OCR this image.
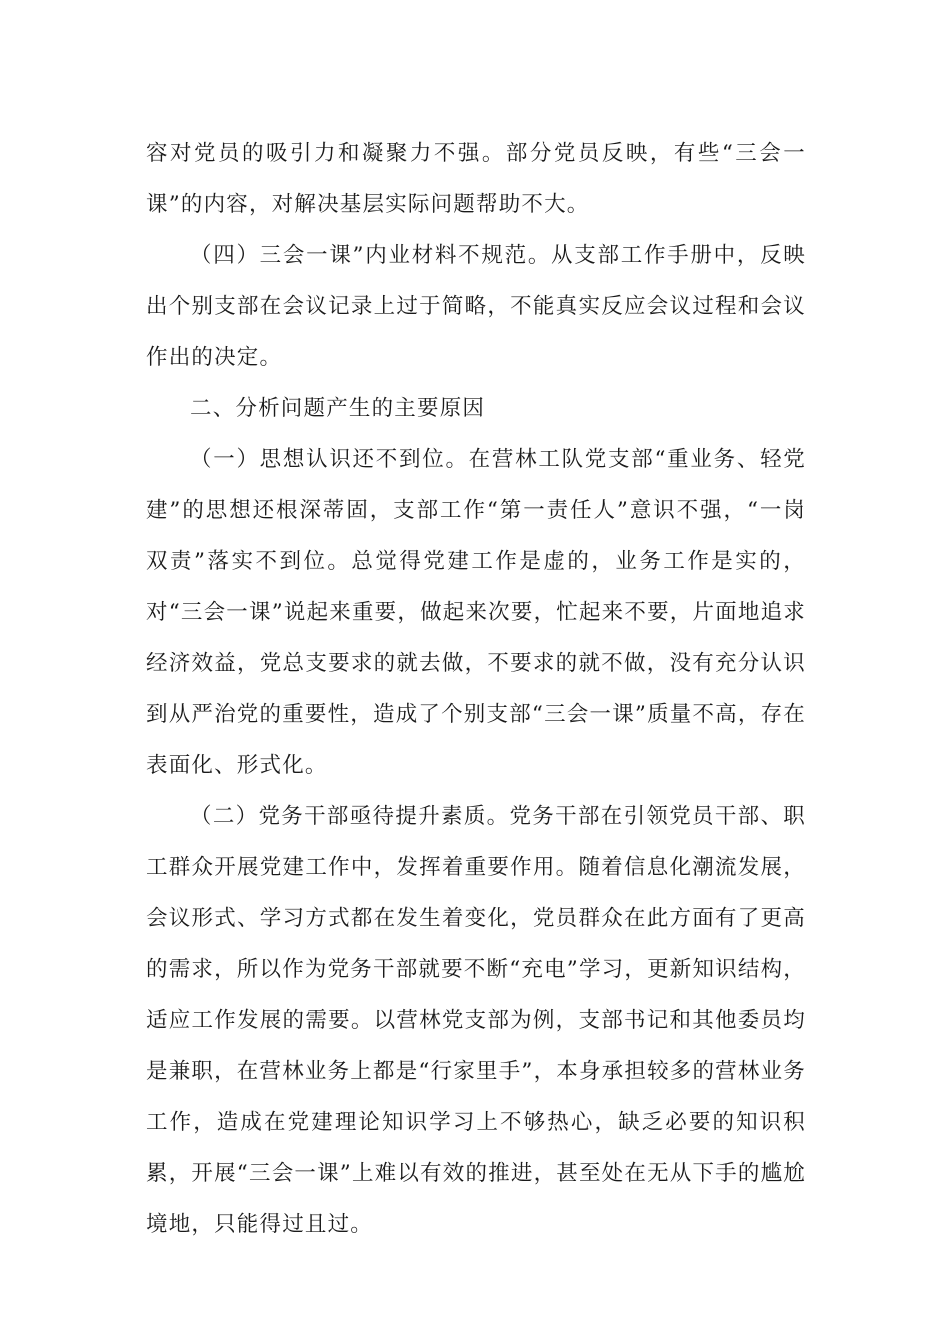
容对党员的吸引力和凝聚力不强。部分党员反映，有些“三会一课”的内容，对解决基层实际问题帮助不大。

（四）三会一课”内业材料不规范。从支部工作手册中，反映出个别支部在会议记录上过于简略，不能真实反应会议过程和会议作出的决定。

二、分析问题产生的主要原因

（一）思想认识还不到位。在营林工队党支部“重业务、轻党建”的思想还根深蒂固，支部工作“第一责任人”意识不强，“一岗双责”落实不到位。总觉得党建工作是虚的，业务工作是实的，对“三会一课”说起来重要，做起来次要，忙起来不要，片面地追求经济效益，党总支要求的就去做，不要求的就不做，没有充分认识到从严治党的重要性，造成了个别支部“三会一课”质量不高，存在表面化、形式化。

（二）党务干部亟待提升素质。党务干部在引领党员干部、职工群众开展党建工作中，发挥着重要作用。随着信息化潮流发展，会议形式、学习方式都在发生着变化，党员群众在此方面有了更高的需求，所以作为党务干部就要不断“充电”学习，更新知识结构，适应工作发展的需要。以营林党支部为例，支部书记和其他委员均是兼职，在营林业务上都是“行家里手”，本身承担较多的营林业务工作，造成在党建理论知识学习上不够热心，缺乏必要的知识积累，开展“三会一课”上难以有效的推进，甚至处在无从下手的尴尬境地，只能得过且过。
